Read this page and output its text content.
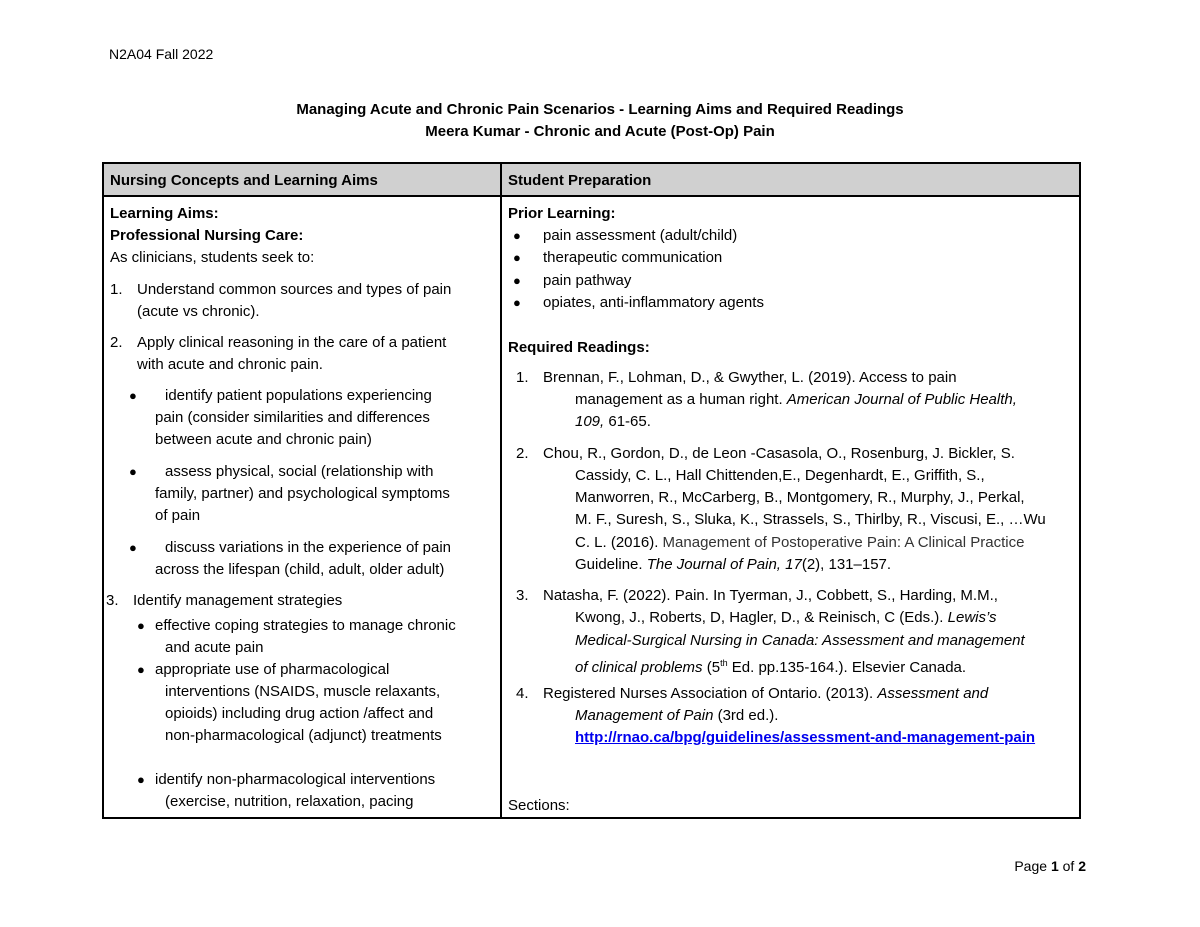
N2A04 Fall 2022
Managing Acute and Chronic Pain Scenarios - Learning Aims and Required Readings
Meera Kumar - Chronic and Acute (Post-Op) Pain
Nursing Concepts and Learning Aims	Student Preparation
Learning Aims:
Professional Nursing Care:
As clinicians, students seek to:
1. Understand common sources and types of pain
(acute vs chronic).
2. Apply clinical reasoning in the care of a patient
with acute and chronic pain.
● identify patient populations experiencing
pain (consider similarities and differences
between acute and chronic pain)
● assess physical, social (relationship with
family, partner) and psychological symptoms
of pain
● discuss variations in the experience of pain
across the lifespan (child, adult, older adult)
3. Identify management strategies
● effective coping strategies to manage chronic
and acute pain
● appropriate use of pharmacological
interventions (NSAIDS, muscle relaxants,
opioids) including drug action /affect and
non-pharmacological (adjunct) treatments
● identify non-pharmacological interventions
(exercise, nutrition, relaxation, pacing
Prior Learning:
● pain assessment (adult/child)
● therapeutic communication
● pain pathway
● opiates, anti-inflammatory agents
Required Readings:
1. Brennan, F., Lohman, D., & Gwyther, L. (2019). Access to pain
management as a human right. American Journal of Public Health,
109, 61-65.
2. Chou, R., Gordon, D., de Leon -Casasola, O., Rosenburg, J. Bickler, S.
Cassidy, C. L., Hall Chittenden,E., Degenhardt, E., Griffith, S.,
Manworren, R., McCarberg, B., Montgomery, R., Murphy, J., Perkal,
M. F., Suresh, S., Sluka, K., Strassels, S., Thirlby, R., Viscusi, E., …Wu
C. L. (2016). Management of Postoperative Pain: A Clinical Practice
Guideline. The Journal of Pain, 17(2), 131–157.
3. Natasha, F. (2022). Pain. In Tyerman, J., Cobbett, S., Harding, M.M.,
Kwong, J., Roberts, D, Hagler, D., & Reinisch, C (Eds.). Lewis’s
Medical-Surgical Nursing in Canada: Assessment and management
of clinical problems (5th Ed. pp.135-164.). Elsevier Canada.
4. Registered Nurses Association of Ontario. (2013). Assessment and
Management of Pain (3rd ed.).
http://rnao.ca/bpg/guidelines/assessment-and-management-pain
Sections:
Page 1 of 2
